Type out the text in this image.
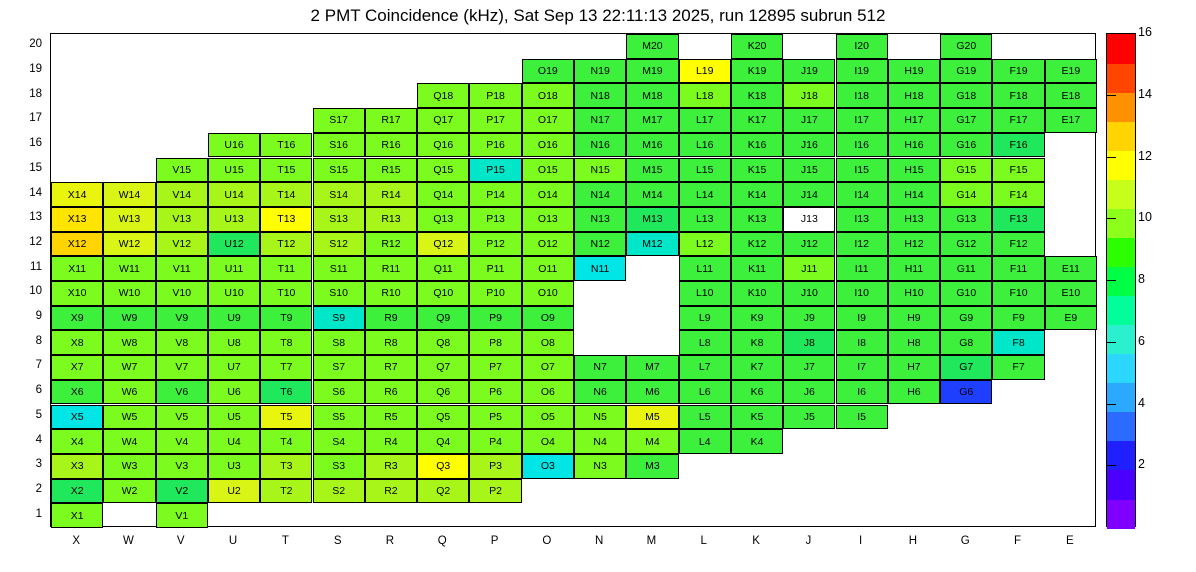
2 PMT Coincidence (kHz), Sat Sep 13 22:11:13 2025, run 12895 subrun 512
X1	V1
X2	W2	V2	U2	T2	S2	R2	Q2	P2
X3	W3	V3	U3	T3	S3	R3	Q3	P3	O3	N3	M3
X4	W4	V4	U4	T4	S4	R4	Q4	P4	O4	N4	M4	L4	K4
X5	W5	V5	U5	T5	S5	R5	Q5	P5	O5	N5	M5	L5	K5	J5	I5
X6	W6	V6	U6	T6	S6	R6	Q6	P6	O6	N6	M6	L6	K6	J6	I6	H6	G6
X7	W7	V7	U7	T7	S7	R7	Q7	P7	O7	N7	M7	L7	K7	J7	I7	H7	G7	F7
X8	W8	V8	U8	T8	S8	R8	Q8	P8	O8	L8	K8	J8	I8	H8	G8	F8
X9	W9	V9	U9	T9	S9	R9	Q9	P9	O9	L9	K9	J9	I9	H9	G9	F9	E9
X10	W10	V10	U10	T10	S10	R10	Q10	P10	O10	L10	K10	J10	I10	H10	G10	F10	E10
X11	W11	V11	U11	T11	S11	R11	Q11	P11	O11	N11	L11	K11	J11	I11	H11	G11	F11	E11
X12	W12	V12	U12	T12	S12	R12	Q12	P12	O12	N12	M12	L12	K12	J12	I12	H12	G12	F12
X13	W13	V13	U13	T13	S13	R13	Q13	P13	O13	N13	M13	L13	K13	J13	I13	H13	G13	F13
X14	W14	V14	U14	T14	S14	R14	Q14	P14	O14	N14	M14	L14	K14	J14	I14	H14	G14	F14
V15	U15	T15	S15	R15	Q15	P15	O15	N15	M15	L15	K15	J15	I15	H15	G15	F15
U16	T16	S16	R16	Q16	P16	O16	N16	M16	L16	K16	J16	I16	H16	G16	F16
S17	R17	Q17	P17	O17	N17	M17	L17	K17	J17	I17	H17	G17	F17	E17
Q18	P18	O18	N18	M18	L18	K18	J18	I18	H18	G18	F18	E18
O19	N19	M19	L19	K19	J19	I19	H19	G19	F19	E19
M20	K20	I20	G20
X	W	V	U	T	S	R	Q	P	O	N	M	L	K	J	I	H	G	F	E
1
2
3
4
5
6
7
8
9
10
11
12
13
14
15
16
17
18
19
20
2
4
6
8
10
12
14
16
